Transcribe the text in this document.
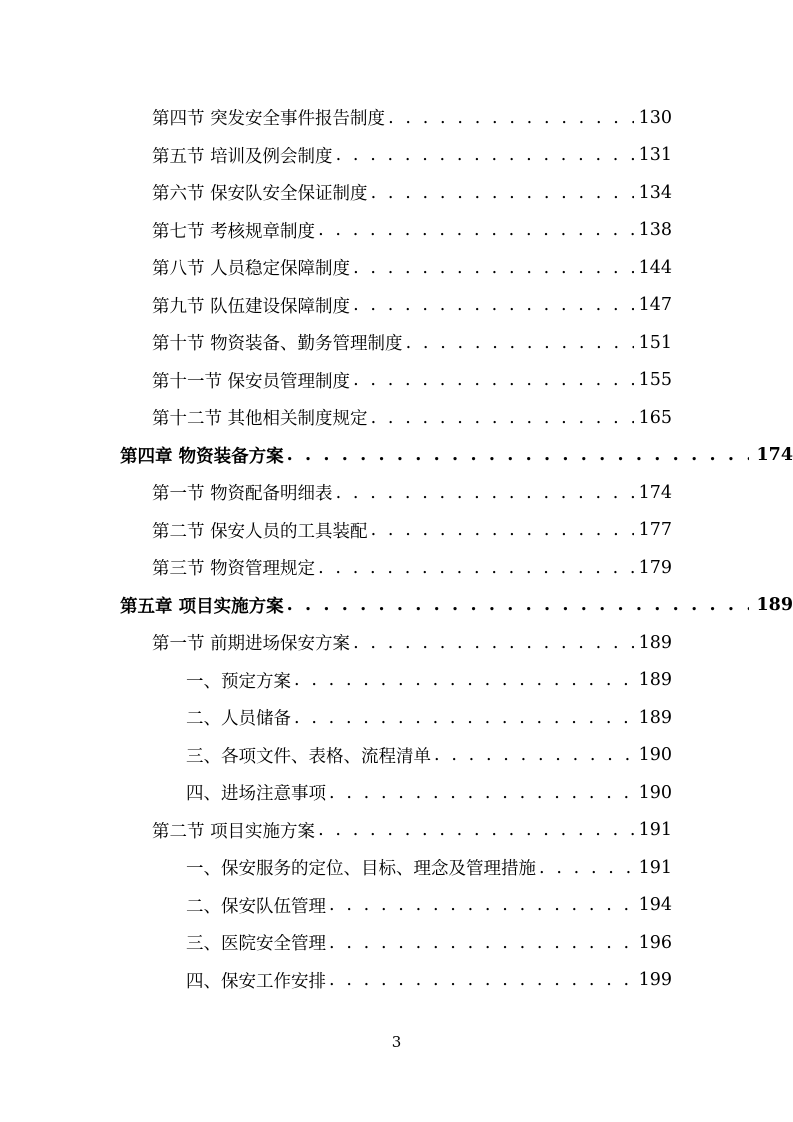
第四节 突发安全事件报告制度 . . .	130
第五节 培训及例会制度 . . .	131
第六节 保安队安全保证制度 . . .	134
第七节 考核规章制度 . . .	138
第八节 人员稳定保障制度 . . .	144
第九节 队伍建设保障制度 . . .	147
第十节 物资装备、勤务管理制度 . . .	151
第十一节 保安员管理制度 . . .	155
第十二节 其他相关制度规定 . . .	165
第四章 物资装备方案 . . .	174
第一节 物资配备明细表 . . .	174
第二节 保安人员的工具装配 . . .	177
第三节 物资管理规定 . . .	179
第五章 项目实施方案 . . .	189
第一节 前期进场保安方案 . . .	189
一、预定方案 . . .	189
二、人员储备 . . .	189
三、各项文件、表格、流程清单 . . .	190
四、进场注意事项 . . .	190
第二节 项目实施方案 . . .	191
一、保安服务的定位、目标、理念及管理措施 . . .	191
二、保安队伍管理 . . .	194
三、医院安全管理 . . .	196
四、保安工作安排 . . .	199
3
